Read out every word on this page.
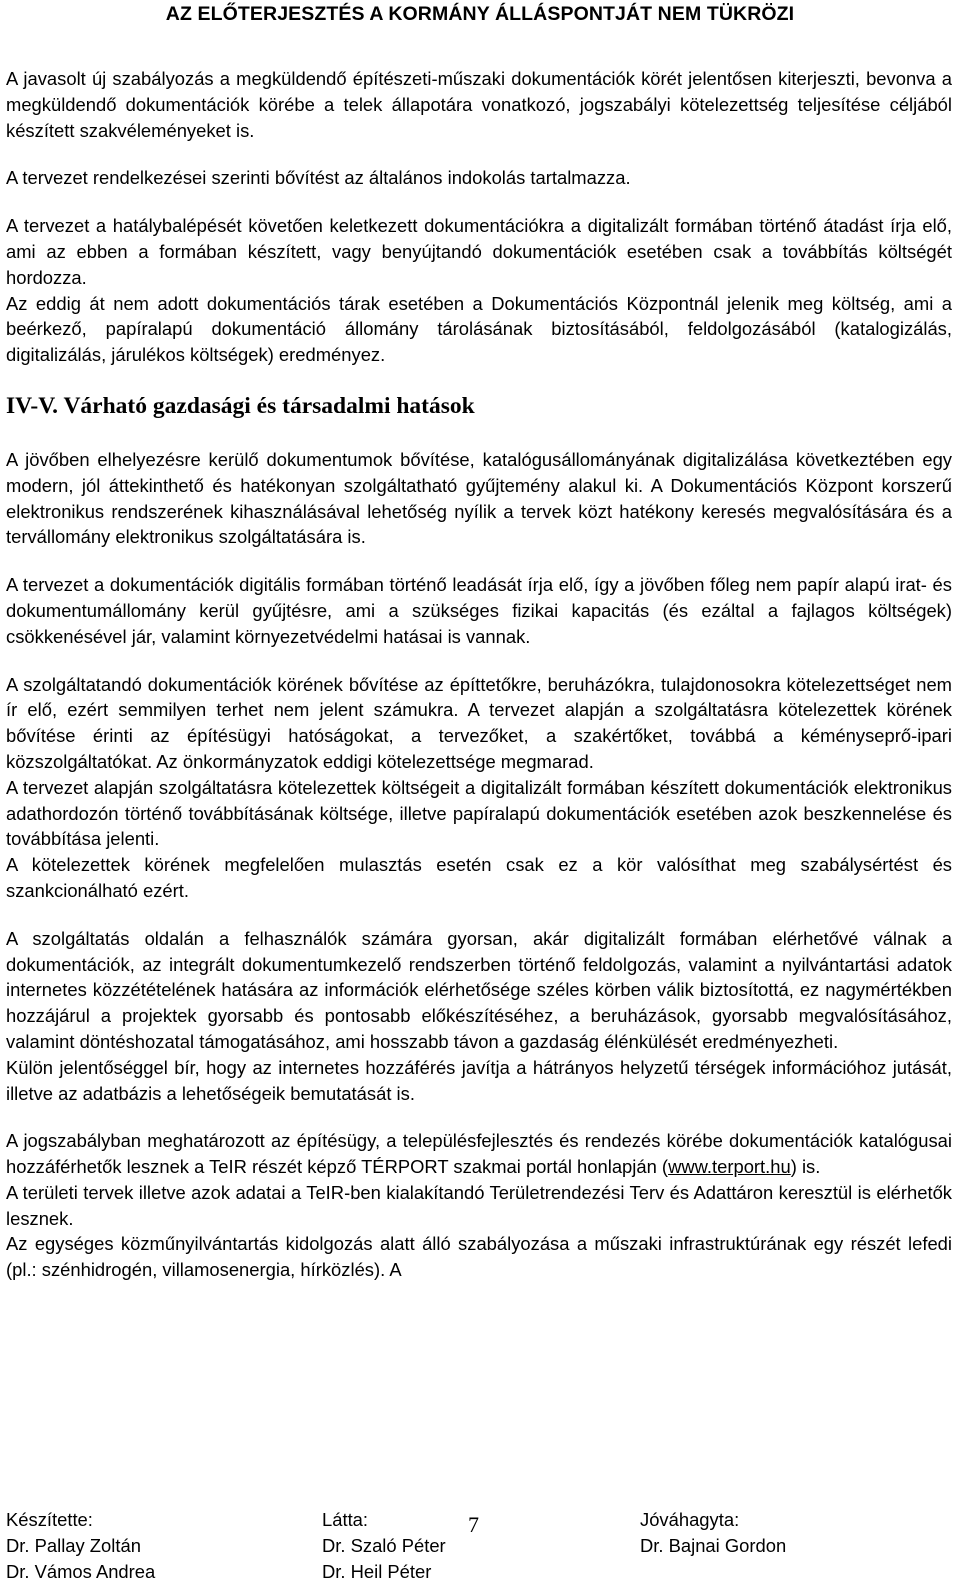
AZ ELŐTERJESZTÉS A KORMÁNY ÁLLÁSPONTJÁT NEM TÜKRÖZI

A javasolt új szabályozás a megküldendő építészeti-műszaki dokumentációk körét jelentősen kiterjeszti, bevonva a megküldendő dokumentációk körébe a telek állapotára vonatkozó, jogszabályi kötelezettség teljesítése céljából készített szakvéleményeket is.

A tervezet rendelkezései szerinti bővítést az általános indokolás tartalmazza.

A tervezet a hatálybalépését követően keletkezett dokumentációkra a digitalizált formában történő átadást írja elő, ami az ebben a formában készített, vagy benyújtandó dokumentációk esetében csak a továbbítás költségét hordozza.

Az eddig át nem adott dokumentációs tárak esetében a Dokumentációs Központnál jelenik meg költség, ami a beérkező, papíralapú dokumentáció állomány tárolásának biztosításából, feldolgozásából (katalogizálás, digitalizálás, járulékos költségek) eredményez.

IV-V. Várható gazdasági és társadalmi hatások

A jövőben elhelyezésre kerülő dokumentumok bővítése, katalógusállományának digitalizálása következtében egy modern, jól áttekinthető és hatékonyan szolgáltatható gyűjtemény alakul ki. A Dokumentációs Központ korszerű elektronikus rendszerének kihasználásával lehetőség nyílik a tervek közt hatékony keresés megvalósítására és a tervállomány elektronikus szolgáltatására is.

A tervezet a dokumentációk digitális formában történő leadását írja elő, így a jövőben főleg nem papír alapú irat- és dokumentumállomány kerül gyűjtésre, ami a szükséges fizikai kapacitás (és ezáltal a fajlagos költségek) csökkenésével jár, valamint környezetvédelmi hatásai is vannak.

A szolgáltatandó dokumentációk körének bővítése az építtetőkre, beruházókra, tulajdonosokra kötelezettséget nem ír elő, ezért semmilyen terhet nem jelent számukra. A tervezet alapján a szolgáltatásra kötelezettek körének bővítése érinti az építésügyi hatóságokat, a tervezőket, a szakértőket, továbbá a kéményseprő-ipari közszolgáltatókat. Az önkormányzatok eddigi kötelezettsége megmarad.

A tervezet alapján szolgáltatásra kötelezettek költségeit a digitalizált formában készített dokumentációk elektronikus adathordozón történő továbbításának költsége, illetve papíralapú dokumentációk esetében azok beszkennelése és továbbítása jelenti.

A kötelezettek körének megfelelően mulasztás esetén csak ez a kör valósíthat meg szabálysértést és szankcionálható ezért.

A szolgáltatás oldalán a felhasználók számára gyorsan, akár digitalizált formában elérhetővé válnak a dokumentációk, az integrált dokumentumkezelő rendszerben történő feldolgozás, valamint a nyilvántartási adatok internetes közzétételének hatására az információk elérhetősége széles körben válik biztosítottá, ez nagymértékben hozzájárul a projektek gyorsabb és pontosabb előkészítéséhez, a beruházások, gyorsabb megvalósításához, valamint döntéshozatal támogatásához, ami hosszabb távon a gazdaság élénkülését eredményezheti.

Külön jelentőséggel bír, hogy az internetes hozzáférés javítja a hátrányos helyzetű térségek információhoz jutását, illetve az adatbázis a lehetőségeik bemutatását is.

A jogszabályban meghatározott az építésügy, a településfejlesztés és rendezés körébe dokumentációk katalógusai hozzáférhetők lesznek a TeIR részét képző TÉRPORT szakmai portál honlapján (www.terport.hu) is.

A területi tervek illetve azok adatai a TeIR-ben kialakítandó Területrendezési Terv és Adattáron keresztül is elérhetők lesznek.

Az egységes közműnyilvántartás kidolgozás alatt álló szabályozása a műszaki infrastruktúrának egy részét lefedi (pl.: szénhidrogén, villamosenergia, hírközlés). A

Készítette:
Dr. Pallay Zoltán
Dr. Vámos Andrea
Látta:
Dr. Szaló Péter
Dr. Heil Péter
Jóváhagyta:
Dr. Bajnai Gordon
7
